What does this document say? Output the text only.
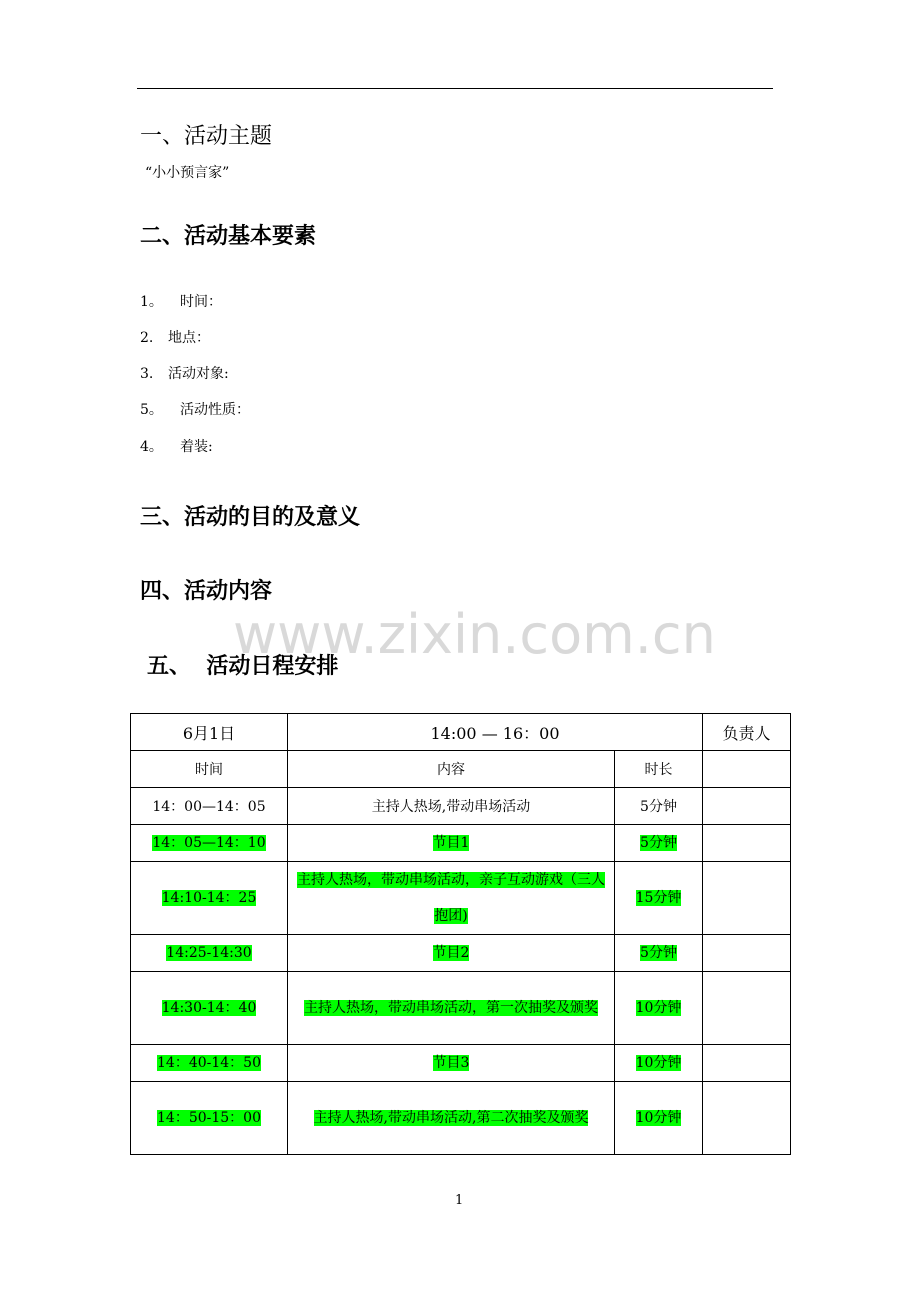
一、活动主题
“小小预言家”
二、活动基本要素
1。 时间：
2. 地点：
3. 活动对象:
5。 活动性质：
4。 着装:
三、活动的目的及意义
四、活动内容
www.zixin.com.cn
五、  活动日程安排
6月1日	14:00 — 16：00		负责人
时间	内容	时长	
14：00—14：05	主持人热场,带动串场活动	5分钟	
14：05—14：10	节目1	5分钟	
14:10-14：25	主持人热场，带动串场活动，亲子互动游戏（三人抱团)	15分钟	
14:25-14:30	节目2	5分钟	
14:30-14：40	主持人热场，带动串场活动，第一次抽奖及颁奖	10分钟	
14：40-14：50	节目3	10分钟	
14：50-15：00	主持人热场,带动串场活动,第二次抽奖及颁奖	10分钟	
1
